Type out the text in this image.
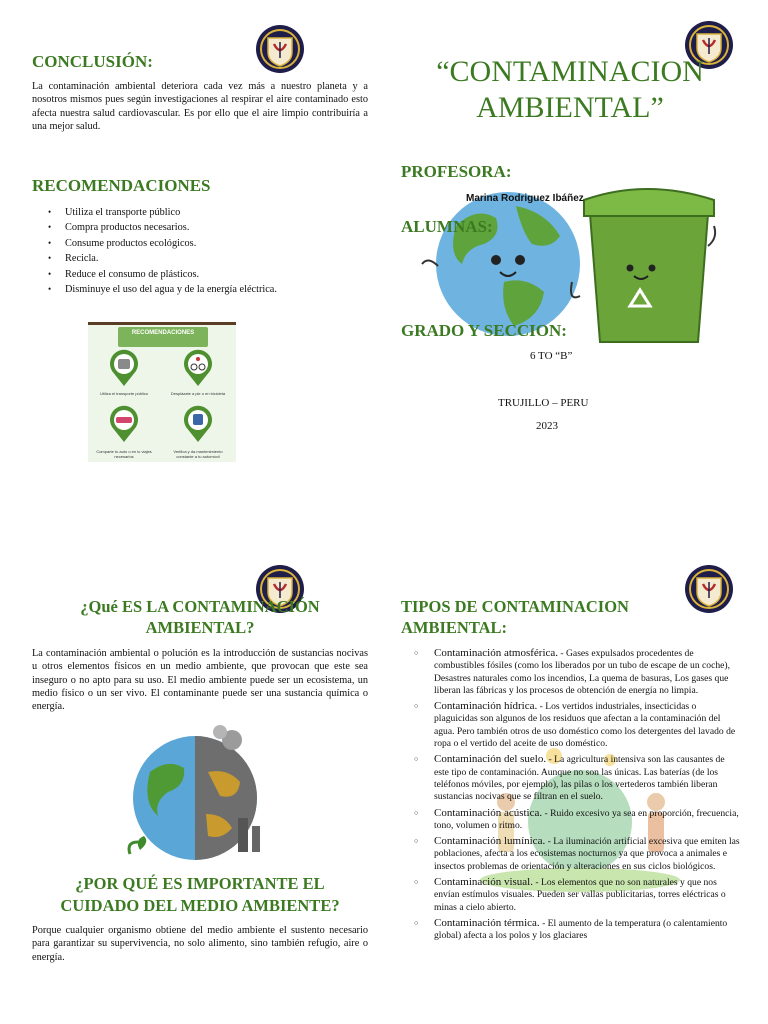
CONCLUSIÓN:

La contaminación ambiental deteriora cada vez más a nuestro planeta y a nosotros mismos pues según investigaciones al respirar el aire contaminado esto afecta nuestra salud cardiovascular. Es por ello que el aire limpio contribuiría a una mejor salud.

RECOMENDACIONES
• Utiliza el transporte público
• Compra productos necesarios.
• Consume productos ecológicos.
• Recicla.
• Reduce el consumo de plásticos.
• Disminuye el uso del agua y de la energía eléctrica.
RECOMENDACIONES
Utiliza el transporte público	Desplázate a pie o en bicicleta
Comparte tu auto o en lo viajes necesarios
Verifica y da mantenimiento constante a tu automóvil
“CONTAMINACION AMBIENTAL”
PROFESORA:
Marina Rodriguez Ibáñez
ALUMNAS:
GRADO Y SECCION:
6 TO “B”
TRUJILLO – PERU
2023
¿Qué ES LA CONTAMINACIÓN AMBIENTAL?

La contaminación ambiental o polución es la introducción de sustancias nocivas u otros elementos físicos en un medio ambiente, que provocan que este sea inseguro o no apto para su uso. El medio ambiente puede ser un ecosistema, un medio físico o un ser vivo. El contaminante puede ser una sustancia química o energía.

¿POR QUÉ ES IMPORTANTE EL CUIDADO DEL MEDIO AMBIENTE?

Porque cualquier organismo obtiene del medio ambiente el sustento necesario para garantizar su supervivencia, no solo alimento, sino también refugio, aire o energía.

TIPOS DE CONTAMINACION AMBIENTAL:
○ Contaminación atmosférica. - Gases expulsados procedentes de combustibles fósiles (como los liberados por un tubo de escape de un coche), Desastres naturales como los incendios, La quema de basuras, Los gases que liberan las fábricas y los procesos de obtención de energía no limpia.
○ Contaminación hídrica. - Los vertidos industriales, insecticidas o plaguicidas son algunos de los residuos que afectan a la contaminación del agua. Pero también otros de uso doméstico como los detergentes del lavado de ropa o el vertido del aceite de uso doméstico.
○ Contaminación del suelo. - La agricultura intensiva son las causantes de este tipo de contaminación. Aunque no son las únicas. Las baterías (de los teléfonos móviles, por ejemplo), las pilas o los vertederos también liberan sustancias nocivas que se filtran en el suelo.
○ Contaminación acústica. - Ruido excesivo ya sea en proporción, frecuencia, tono, volumen o ritmo.
○ Contaminación lumínica. - La iluminación artificial excesiva que emiten las poblaciones, afecta a los ecosistemas nocturnos ya que provoca a animales e insectos problemas de orientación y alteraciones en sus ciclos biológicos.
○ Contaminación visual. - Los elementos que no son naturales y que nos envían estímulos visuales. Pueden ser vallas publicitarias, torres eléctricas o minas a cielo abierto.
○ Contaminación térmica. - El aumento de la temperatura (o calentamiento global) afecta a los polos y los glaciares
